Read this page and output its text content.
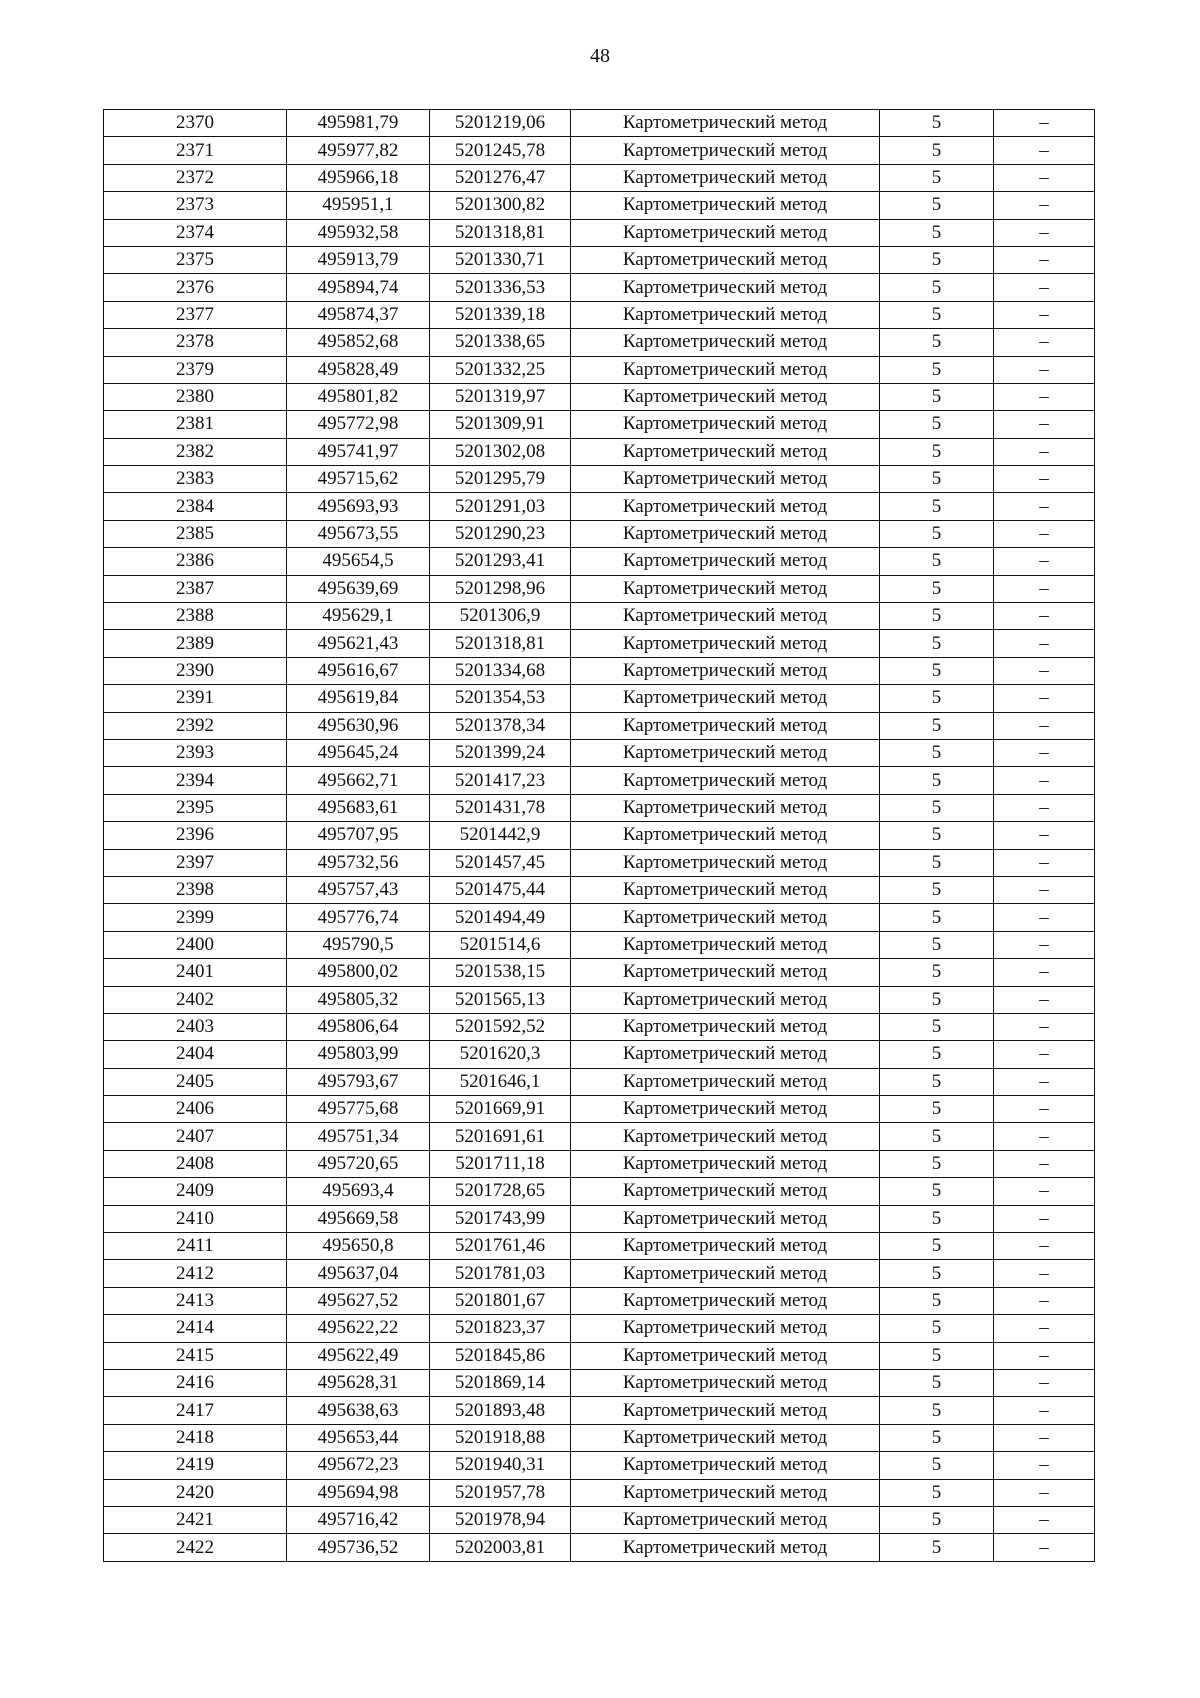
48
2370	495981,79	5201219,06	Картометрический метод	5	–
2371	495977,82	5201245,78	Картометрический метод	5	–
2372	495966,18	5201276,47	Картометрический метод	5	–
2373	495951,1	5201300,82	Картометрический метод	5	–
2374	495932,58	5201318,81	Картометрический метод	5	–
2375	495913,79	5201330,71	Картометрический метод	5	–
2376	495894,74	5201336,53	Картометрический метод	5	–
2377	495874,37	5201339,18	Картометрический метод	5	–
2378	495852,68	5201338,65	Картометрический метод	5	–
2379	495828,49	5201332,25	Картометрический метод	5	–
2380	495801,82	5201319,97	Картометрический метод	5	–
2381	495772,98	5201309,91	Картометрический метод	5	–
2382	495741,97	5201302,08	Картометрический метод	5	–
2383	495715,62	5201295,79	Картометрический метод	5	–
2384	495693,93	5201291,03	Картометрический метод	5	–
2385	495673,55	5201290,23	Картометрический метод	5	–
2386	495654,5	5201293,41	Картометрический метод	5	–
2387	495639,69	5201298,96	Картометрический метод	5	–
2388	495629,1	5201306,9	Картометрический метод	5	–
2389	495621,43	5201318,81	Картометрический метод	5	–
2390	495616,67	5201334,68	Картометрический метод	5	–
2391	495619,84	5201354,53	Картометрический метод	5	–
2392	495630,96	5201378,34	Картометрический метод	5	–
2393	495645,24	5201399,24	Картометрический метод	5	–
2394	495662,71	5201417,23	Картометрический метод	5	–
2395	495683,61	5201431,78	Картометрический метод	5	–
2396	495707,95	5201442,9	Картометрический метод	5	–
2397	495732,56	5201457,45	Картометрический метод	5	–
2398	495757,43	5201475,44	Картометрический метод	5	–
2399	495776,74	5201494,49	Картометрический метод	5	–
2400	495790,5	5201514,6	Картометрический метод	5	–
2401	495800,02	5201538,15	Картометрический метод	5	–
2402	495805,32	5201565,13	Картометрический метод	5	–
2403	495806,64	5201592,52	Картометрический метод	5	–
2404	495803,99	5201620,3	Картометрический метод	5	–
2405	495793,67	5201646,1	Картометрический метод	5	–
2406	495775,68	5201669,91	Картометрический метод	5	–
2407	495751,34	5201691,61	Картометрический метод	5	–
2408	495720,65	5201711,18	Картометрический метод	5	–
2409	495693,4	5201728,65	Картометрический метод	5	–
2410	495669,58	5201743,99	Картометрический метод	5	–
2411	495650,8	5201761,46	Картометрический метод	5	–
2412	495637,04	5201781,03	Картометрический метод	5	–
2413	495627,52	5201801,67	Картометрический метод	5	–
2414	495622,22	5201823,37	Картометрический метод	5	–
2415	495622,49	5201845,86	Картометрический метод	5	–
2416	495628,31	5201869,14	Картометрический метод	5	–
2417	495638,63	5201893,48	Картометрический метод	5	–
2418	495653,44	5201918,88	Картометрический метод	5	–
2419	495672,23	5201940,31	Картометрический метод	5	–
2420	495694,98	5201957,78	Картометрический метод	5	–
2421	495716,42	5201978,94	Картометрический метод	5	–
2422	495736,52	5202003,81	Картометрический метод	5	–
